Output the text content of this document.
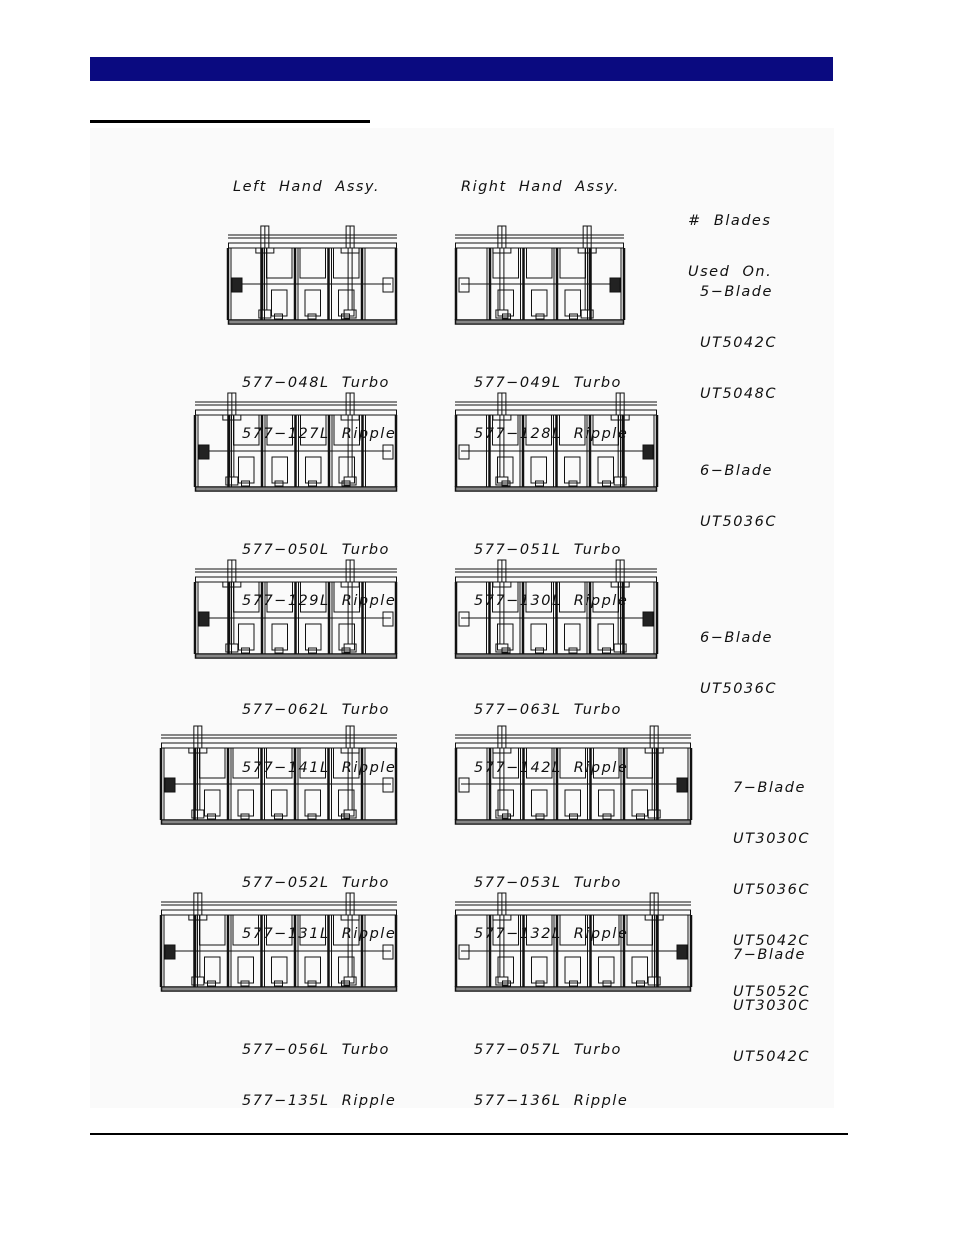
Left  Hand  Assy.	Right  Hand  Assy.

#  Blades

Used  On.

577−048L  Turbo

577−127L  Ripple

577−049L  Turbo

577−128L  Ripple

5−Blade

UT5042C

UT5048C

577−050L  Turbo

577−129L  Ripple

577−051L  Turbo

577−130L  Ripple

6−Blade

UT5036C

577−062L  Turbo

577−141L  Ripple

577−063L  Turbo

577−142L  Ripple

6−Blade

UT5036C

577−052L  Turbo

577−131L  Ripple

577−053L  Turbo

577−132L  Ripple

7−Blade

UT3030C

UT5036C

UT5042C

UT5052C

577−056L  Turbo

577−135L  Ripple

577−057L  Turbo

577−136L  Ripple

7−Blade

UT3030C

UT5042C
